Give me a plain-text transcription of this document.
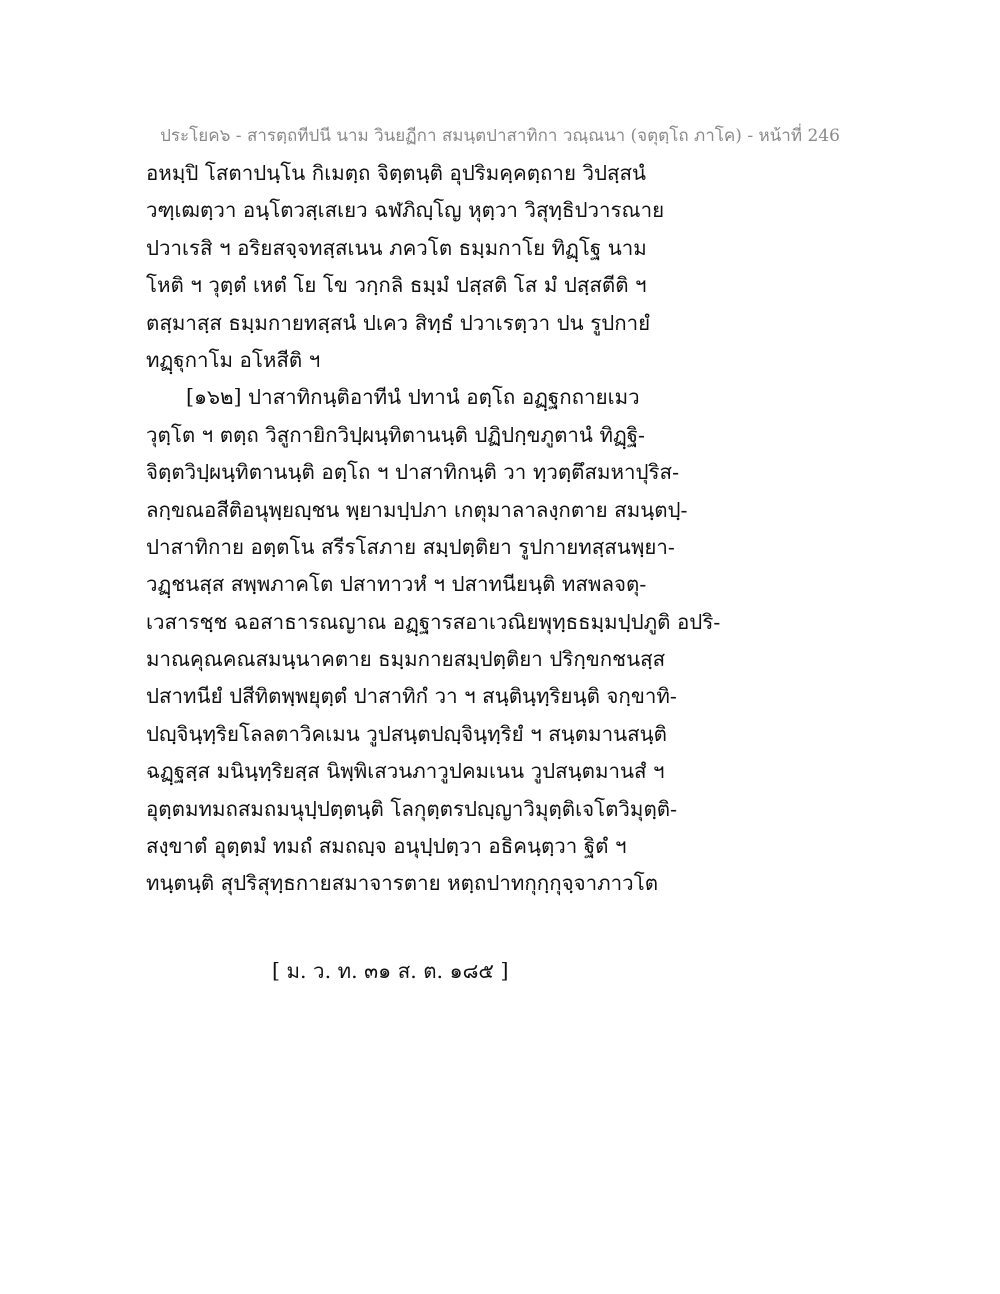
ประโยค๖ - สารตฺถทีปนี นาม วินยฏีกา สมนฺตปาสาทิกา วณฺณนา (จตุตฺโถ ภาโค) - หน้าที่ 246
อหมฺปิ โสตาปนฺโน กิเมตฺถ จิตฺตนฺติ อุปริมคฺคตฺถาย วิปสฺสนํ
วฑฺเฒตฺวา อนฺโตวสฺเสเยว ฉฬภิญฺโญ หุตฺวา วิสุทฺธิปวารณาย
ปวาเรสิ ฯ อริยสจฺจทสฺสเนน ภควโต ธมฺมกาโย ทิฏฺโฐ นาม
โหติ ฯ วุตฺตํ เหตํ โย โข วกฺกลิ ธมฺมํ ปสฺสติ โส มํ ปสฺสตีติ ฯ
ตสฺมาสฺส ธมฺมกายทสฺสนํ ปเคว สิทฺธํ ปวาเรตฺวา ปน รูปกายํ
ทฏฺฐุกาโม อโหสีติ ฯ
[๑๖๒] ปาสาทิกนฺติอาทีนํ ปทานํ อตฺโถ อฏฺฐกถายเมว
วุตฺโต ฯ ตตฺถ วิสูกายิกวิปฺผนฺทิตานนฺติ ปฏิปกฺขภูตานํ ทิฏฺฐิ-
จิตฺตวิปฺผนฺทิตานนฺติ อตฺโถ ฯ ปาสาทิกนฺติ วา ทฺวตฺตึสมหาปุริส-
ลกฺขณอสีติอนุพฺยญฺชน พฺยามปฺปภา เกตุมาลาลงฺกตาย สมนฺตปฺ-
ปาสาทิกาย อตฺตโน สรีรโสภาย สมฺปตฺติยา รูปกายทสฺสนพฺยา-
วฏฺชนสฺส สพฺพภาคโต ปสาทาวหํ ฯ ปสาทนียนฺติ ทสพลจตุ-
เวสารชฺช ฉอสาธารณญาณ อฏฺฐารสอาเวณิยพุทฺธธมฺมปฺปภูติ อปริ-
มาณคุณคณสมนฺนาคตาย ธมฺมกายสมฺปตฺติยา ปริกฺขกชนสฺส
ปสาทนียํ ปสีทิตพฺพยุตฺตํ ปาสาทิกํ วา ฯ สนฺตินฺทฺริยนฺติ จกฺขาทิ-
ปญฺจินฺทฺริยโลลตาวิคเมน วูปสนฺตปญฺจินฺทฺริยํ ฯ สนฺตมานสนฺติ
ฉฏฺฐสฺส มนินฺทฺริยสฺส นิพฺพิเสวนภาวูปคมเนน วูปสนฺตมานสํ ฯ
อุตฺตมทมถสมถมนุปฺปตฺตนฺติ โลกุตฺตรปญฺญาวิมุตฺติเจโตวิมุตฺติ-
สงฺขาตํ อุตฺตมํ ทมถํ สมถญฺจ อนุปฺปตฺวา อธิคนฺตฺวา ฐิตํ ฯ
ทนฺตนฺติ สุปริสุทฺธกายสมาจารตาย หตฺถปาทกุกฺกุจฺจาภาวโต
[ ม. ว. ท. ๓๑ ส. ต. ๑๘๕ ]
